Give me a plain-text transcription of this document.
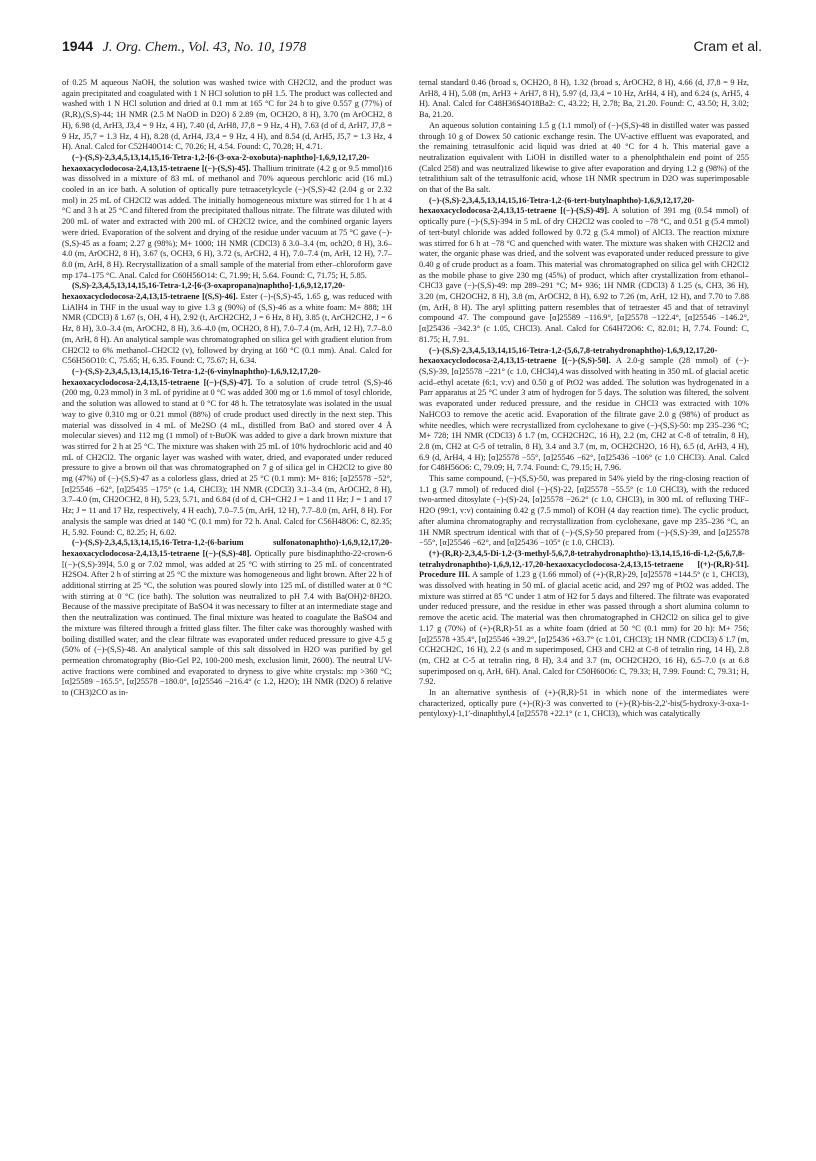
1944 J. Org. Chem., Vol. 43, No. 10, 1978	Cram et al.

of 0.25 M aqueous NaOH, the solution was washed twice with CH2Cl2, and the product was again precipitated and coagulated with 1 N HCl solution to pH 1.5. The product was collected and washed with 1 N HCl solution and dried at 0.1 mm at 165 °C for 24 h to give 0.557 g (77%) of (R,R),(S,S)-44; 1H NMR (2.5 M NaOD in D2O) δ 2.89 (m, OCH2O, 8 H), 3.70 (m ArOCH2, 8 H), 6.98 (d, ArH3, J3,4 = 9 Hz, 4 H), 7.40 (d, ArH8, J7,8 = 9 Hz, 4 H), 7.63 (d of d, ArH7, J7,8 = 9 Hz, J5,7 = 1.3 Hz, 4 H), 8.28 (d, ArH4, J3,4 = 9 Hz, 4 H), and 8.54 (d, ArH5, J5,7 = 1.3 Hz, 4 H). Anal. Calcd for C52H40O14: C, 70.26; H, 4.54. Found: C, 70.28; H, 4.71.

(−)-(S,S)-2,3,4,5,13,14,15,16-Tetra-1,2-[6-(3-oxa-2-oxobuta)-naphtho]-1,6,9,12,17,20-hexaoxacyclodocosa-2,4,13,15-tetraene [(−)-(S,S)-45]. Thallium trinitrate (4.2 g or 9.5 mmol)16 was dissolved in a mixture of 83 mL of methanol and 70% aqueous perchloric acid (16 mL) cooled in an ice bath. A solution of optically pure tetraacetylcycle (−)-(S,S)-42 (2.04 g or 2.32 mol) in 25 mL of CH2Cl2 was added. The initially homogeneous mixture was stirred for 1 h at 4 °C and 3 h at 25 °C and filtered from the precipitated thallous nitrate. The filtrate was diluted with 200 mL of water and extracted with 200 mL of CH2Cl2 twice, and the combined organic layers were dried. Evaporation of the solvent and drying of the residue under vacuum at 75 °C gave (−)-(S,S)-45 as a foam; 2.27 g (98%); M+ 1000; 1H NMR (CDCl3) δ 3.0–3.4 (m, och2O, 8 H), 3.6–4.0 (m, ArOCH2, 8 H), 3.67 (s, OCH3, 6 H), 3.72 (s, ArCH2, 4 H), 7.0–7.4 (m, ArH, 12 H), 7.7–8.0 (m, ArH, 8 H). Recrystallization of a small sample of the material from ether–chloroform gave mp 174–175 °C. Anal. Calcd for C60H56O14: C, 71.99; H, 5.64. Found: C, 71.75; H, 5.85.

(S,S)-2,3,4,5,13,14,15,16-Tetra-1,2-[6-(3-oxapropana)naphtho]-1,6,9,12,17,20-hexaoxacyclodocosa-2,4,13,15-tetraene [(S,S)-46]. Ester (−)-(S,S)-45, 1.65 g, was reduced with LiAlH4 in THF in the usual way to give 1.3 g (90%) of (S,S)-46 as a white foam: M+ 888; 1H NMR (CDCl3) δ 1.67 (s, OH, 4 H), 2.92 (t, ArCH2CH2, J = 6 Hz, 8 H), 3.85 (t, ArCH2CH2, J = 6 Hz, 8 H), 3.0–3.4 (m, ArOCH2, 8 H), 3.6–4.0 (m, OCH2O, 8 H), 7.0–7.4 (m, ArH, 12 H), 7.7–8.0 (m, ArH, 8 H). An analytical sample was chromatographed on silica gel with gradient elution from CH2Cl2 to 6% methanol–CH2Cl2 (v), followed by drying at 160 °C (0.1 mm). Anal. Calcd for C56H56O10: C, 75.65; H, 6.35. Found: C, 75.67; H, 6.34.

(−)-(S,S)-2,3,4,5,13,14,15,16-Tetra-1,2-(6-vinylnaphtho)-1,6,9,12,17,20-hexaoxacyclodocosa-2,4,13,15-tetraene [(−)-(S,S)-47]. To a solution of crude tetrol (S,S)-46 (200 mg, 0.23 mmol) in 3 mL of pyridine at 0 °C was added 300 mg or 1.6 mmol of tosyl chloride, and the solution was allowed to stand at 0 °C for 48 h. The tetratosylate was isolated in the usual way to give 0.310 mg or 0.21 mmol (88%) of crude product used directly in the next step. This material was dissolved in 4 mL of Me2SO (4 mL, distilled from BaO and stored over 4 Å molecular sieves) and 112 mg (1 mmol) of t-BuOK was added to give a dark brown mixture that was stirred for 2 h at 25 °C. The mixture was shaken with 25 mL of 10% hydrochloric acid and 40 mL of CH2Cl2. The organic layer was washed with water, dried, and evaporated under reduced pressure to give a brown oil that was chromatographed on 7 g of silica gel in CH2Cl2 to give 80 mg (47%) of (−)-(S,S)-47 as a colorless glass, dried at 25 °C (0.1 mm): M+ 816; [α]25578 −52°, [α]25546 −62°, [α]25435 −175° (c 1.4, CHCl3); 1H NMR (CDCl3) 3.1–3.4 (m, ArOCH2, 8 H), 3.7–4.0 (m, CH2OCH2, 8 H), 5.23, 5.71, and 6.84 (d of d, CH=CH2 J = 1 and 11 Hz; J = 1 and 17 Hz; J = 11 and 17 Hz, respectively, 4 H each), 7.0–7.5 (m, ArH, 12 H), 7.7–8.0 (m, ArH, 8 H). For analysis the sample was dried at 140 °C (0.1 mm) for 72 h. Anal. Calcd for C56H48O6: C, 82.35; H, 5.92. Found: C, 82.25; H, 6.02.

(−)-(S,S)-2,3,4,5,13,14,15,16-Tetra-1,2-(6-barium sulfonatonaphtho)-1,6,9,12,17,20-hexaoxacyclodocosa-2,4,13,15-tetraene [(−)-(S,S)-48]. Optically pure bisdinaphtho-22-crown-6 [(−)-(S,S)-39]4, 5.0 g or 7.02 mmol, was added at 25 °C with stirring to 25 mL of concentrated H2SO4. After 2 h of stirring at 25 °C the mixture was homogeneous and light brown. After 22 h of additional stirring at 25 °C, the solution was poured slowly into 125 mL of distilled water at 0 °C with stirring at 0 °C (ice bath). The solution was neutralized to pH 7.4 with Ba(OH)2·8H2O. Because of the massive precipitate of BaSO4 it was necessary to filter at an intermediate stage and then the neutralization was continued. The final mixture was heated to coagulate the BaSO4 and the mixture was filtered through a fritted glass filter. The filter cake was thoroughly washed with boiling distilled water, and the clear filtrate was evaporated under reduced pressure to give 4.5 g (50% of (−)-(S,S)-48. An analytical sample of this salt dissolved in H2O was purified by gel permeation chromatography (Bio-Gel P2, 100-200 mesh, exclusion limit, 2600). The neutral UV-active fractions were combined and evaporated to dryness to give white crystals: mp >360 °C; [α]25589 −165.5°, [α]25578 −180.0°, [α]25546 −216.4° (c 1.2, H2O); 1H NMR (D2O) δ relative to (CH3)2CO as in-

ternal standard 0.46 (broad s, OCH2O, 8 H), 1.32 (broad s, ArOCH2, 8 H), 4.66 (d, J7,8 = 9 Hz, ArH8, 4 H), 5.08 (m, ArH3 + ArH7, 8 H), 5.97 (d, J3,4 = 10 Hz, ArH4, 4 H), and 6.24 (s, ArH5, 4 H). Anal. Calcd for C48H36S4O18Ba2: C, 43.22; H, 2.78; Ba, 21.20. Found: C, 43.50; H, 3.02; Ba, 21.20.

An aqueous solution containing 1.5 g (1.1 mmol) of (−)-(S,S)-48 in distilled water was passed through 10 g of Dowex 50 cationic exchange resin. The UV-active effluent was evaporated, and the remaining tetrasulfonic acid liquid was dried at 40 °C for 4 h. This material gave a neutralization equivalent with LiOH in distilled water to a phenolphthalein end point of 255 (Calcd 258) and was neutralized likewise to give after evaporation and drying 1.2 g (98%) of the tetralithium salt of the tetrasulfonic acid, whose 1H NMR spectrum in D2O was superimposable on that of the Ba salt.

(−)-(S,S)-2,3,4,5,13,14,15,16-Tetra-1,2-(6-tert-butylnaphtho)-1,6,9,12,17,20-hexaoxacyclodocosa-2,4,13,15-tetraene [(−)-(S,S)-49]. A solution of 391 mg (0.54 mmol) of optically pure (−)-(S,S)-394 in 5 mL of dry CH2Cl2 was cooled to −78 °C, and 0.51 g (5.4 mmol) of tert-butyl chloride was added followed by 0.72 g (5.4 mmol) of AlCl3. The reaction mixture was stirred for 6 h at −78 °C and quenched with water. The mixture was shaken with CH2Cl2 and water, the organic phase was dried, and the solvent was evaporated under reduced pressure to give 0.40 g of crude product as a foam. This material was chromatographed on silica gel with CH2Cl2 as the mobile phase to give 230 mg (45%) of product, which after crystallization from ethanol–CHCl3 gave (−)-(S,S)-49: mp 289–291 °C; M+ 936; 1H NMR (CDCl3) δ 1.25 (s, CH3, 36 H), 3.20 (m, CH2OCH2, 8 H), 3.8 (m, ArOCH2, 8 H), 6.92 to 7.26 (m, ArH, 12 H), and 7.70 to 7.88 (m, ArH, 8 H). The aryl splitting pattern resembles that of tetraester 45 and that of tetravinyl compound 47. The compound gave [α]25589 −116.9°, [α]25578 −122.4°, [α]25546 −146.2°, [α]25436 −342.3° (c 1.05, CHCl3). Anal. Calcd for C64H72O6: C, 82.01; H, 7.74. Found: C, 81.75; H, 7.91.

(−)-(S,S)-2,3,4,5,13,14,15,16-Tetra-1,2-(5,6,7,8-tetrahydronaphtho)-1,6,9,12,17,20-hexaoxacyclodocosa-2,4,13,15-tetraene [(−)-(S,S)-50]. A 2.0-g sample (28 mmol) of (−)-(S,S)-39, [α]25578 −221° (c 1.0, CHCl4),4 was dissolved with heating in 350 mL of glacial acetic acid–ethyl acetate (6:1, v:v) and 0.50 g of PtO2 was added. The solution was hydrogenated in a Parr apparatus at 25 °C under 3 atm of hydrogen for 5 days. The solution was filtered, the solvent was evaporated under reduced pressure, and the residue in CHCl3 was extracted with 10% NaHCO3 to remove the acetic acid. Evaporation of the filtrate gave 2.0 g (98%) of product as white needles, which were recrystallized from cyclohexane to give (−)-(S,S)-50: mp 235–236 °C; M+ 728; 1H NMR (CDCl3) δ 1.7 (m, CCH2CH2C, 16 H), 2.2 (m, CH2 at C-8 of tetralin, 8 H), 2.8 (m, CH2 at C-5 of tetralin, 8 H), 3.4 and 3.7 (m, m, OCH2CH2O, 16 H), 6.5 (d, ArH3, 4 H), 6.9 (d, ArH4, 4 H); [α]25578 −55°, [α]25546 −62°, [α]25436 −106° (c 1.0 CHCl3). Anal. Calcd for C48H56O6: C, 79.09; H, 7.74. Found: C, 79.15; H, 7.96.

This same compound, (−)-(S,S)-50, was prepared in 54% yield by the ring-closing reaction of 1.1 g (3.7 mmol) of reduced diol (−)-(S)-22, [α]25578 −55.5° (c 1.0 CHCl3), with the reduced two-armed ditosylate (−)-(S)-24, [α]25578 −26.2° (c 1.0, CHCl3), in 300 mL of refluxing THF–H2O (99:1, v:v) containing 0.42 g (7.5 mmol) of KOH (4 day reaction time). The cyclic product, after alumina chromatography and recrystallization from cyclohexane, gave mp 235–236 °C, an 1H NMR spectrum identical with that of (−)-(S,S)-50 prepared from (−)-(S,S)-39, and [α]25578 −55°, [α]25546 −62°, and [α]25436 −105° (c 1.0, CHCl3).

(+)-(R,R)-2,3,4,5-Di-1,2-(3-methyl-5,6,7,8-tetrahydronaphtho)-13,14,15,16-di-1,2-(5,6,7,8-tetrahydronaphtho)-1,6,9,12,-17,20-hexaoxacyclodocosa-2,4,13,15-tetraene [(+)-(R,R)-51]. Procedure III. A sample of 1.23 g (1.66 mmol) of (+)-(R,R)-29, [α]25578 +144.5° (c 1, CHCl3), was dissolved with heating in 50 mL of glacial acetic acid, and 297 mg of PtO2 was added. The mixture was stirred at 85 °C under 1 atm of H2 for 5 days and filtered. The filtrate was evaporated under reduced pressure, and the residue in ether was passed through a short alumina column to remove the acetic acid. The material was then chromatographed in CH2Cl2 on silica gel to give 1.17 g (70%) of (+)-(R,R)-51 as a white foam (dried at 50 °C (0.1 mm) for 20 h): M+ 756; [α]25578 +35.4°, [α]25546 +39.2°, [α]25436 +63.7° (c 1.01, CHCl3); 1H NMR (CDCl3) δ 1.7 (m, CCH2CH2C, 16 H), 2.2 (s and m superimposed, CH3 and CH2 at C-8 of tetralin ring, 14 H), 2.8 (m, CH2 at C-5 at tetralin ring, 8 H), 3.4 and 3.7 (m, OCH2CH2O, 16 H), 6.5–7.0 (s at 6.8 superimposed on q, ArH, 6H). Anal. Calcd for C50H60O6: C, 79.33; H, 7.99. Found: C, 79.31; H, 7.92.

In an alternative synthesis of (+)-(R,R)-51 in which none of the intermediates were characterized, optically pure (+)-(R)-3 was converted to (+)-(R)-bis-2,2′-bis(5-hydroxy-3-oxa-1-pentyloxy)-1,1′-dinaphthyl,4 [α]25578 +22.1° (c 1, CHCl3), which was catalytically
